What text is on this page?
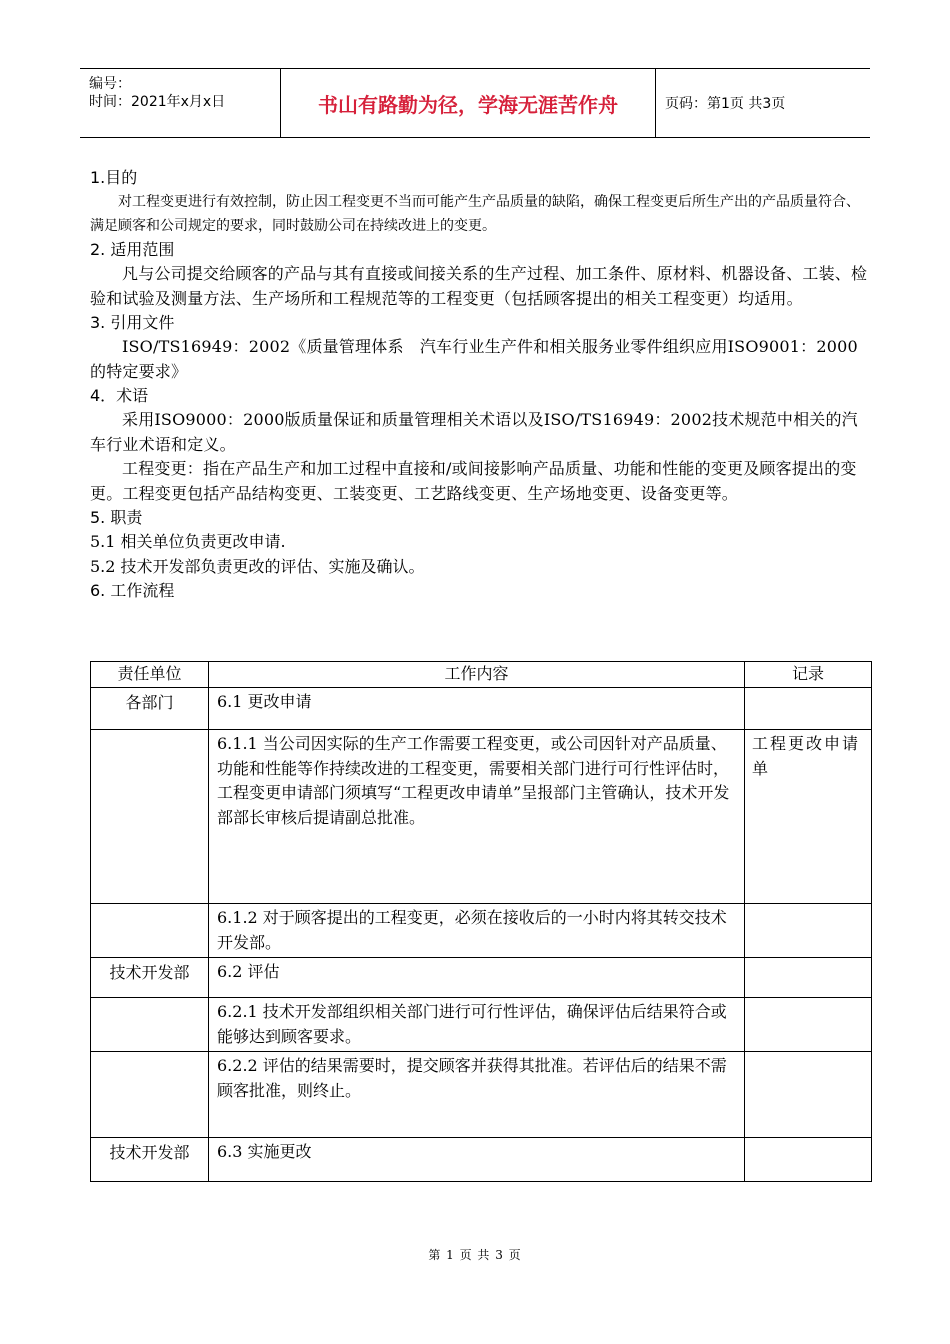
编号：
时间：2021年x月x日	书山有路勤为径，学海无涯苦作舟	页码：第1页 共3页
1.目的
对工程变更进行有效控制，防止因工程变更不当而可能产生产品质量的缺陷，确保工程变更后所生产出的产品质量符合、满足顾客和公司规定的要求，同时鼓励公司在持续改进上的变更。
2. 适用范围
凡与公司提交给顾客的产品与其有直接或间接关系的生产过程、加工条件、原材料、机器设备、工装、检验和试验及测量方法、生产场所和工程规范等的工程变更（包括顾客提出的相关工程变更）均适用。
3. 引用文件
ISO/TS16949：2002《质量管理体系　汽车行业生产件和相关服务业零件组织应用ISO9001：2000的特定要求》
4．术语
采用ISO9000：2000版质量保证和质量管理相关术语以及ISO/TS16949：2002技术规范中相关的汽车行业术语和定义。
工程变更：指在产品生产和加工过程中直接和/或间接影响产品质量、功能和性能的变更及顾客提出的变更。工程变更包括产品结构变更、工装变更、工艺路线变更、生产场地变更、设备变更等。
5. 职责
5.1 相关单位负责更改申请.
5.2 技术开发部负责更改的评估、实施及确认。
6. 工作流程
责任单位	工作内容	记录
各部门	6.1 更改申请	
	6.1.1 当公司因实际的生产工作需要工程变更，或公司因针对产品质量、功能和性能等作持续改进的工程变更，需要相关部门进行可行性评估时，工程变更申请部门须填写“工程更改申请单”呈报部门主管确认，技术开发部部长审核后提请副总批准。	工程更改申请单
	6.1.2 对于顾客提出的工程变更，必须在接收后的一小时内将其转交技术开发部。	
技术开发部	6.2 评估	
	6.2.1 技术开发部组织相关部门进行可行性评估，确保评估后结果符合或能够达到顾客要求。	
	6.2.2 评估的结果需要时，提交顾客并获得其批准。若评估后的结果不需顾客批准，则终止。	
技术开发部	6.3 实施更改	
第 1 页 共 3 页
